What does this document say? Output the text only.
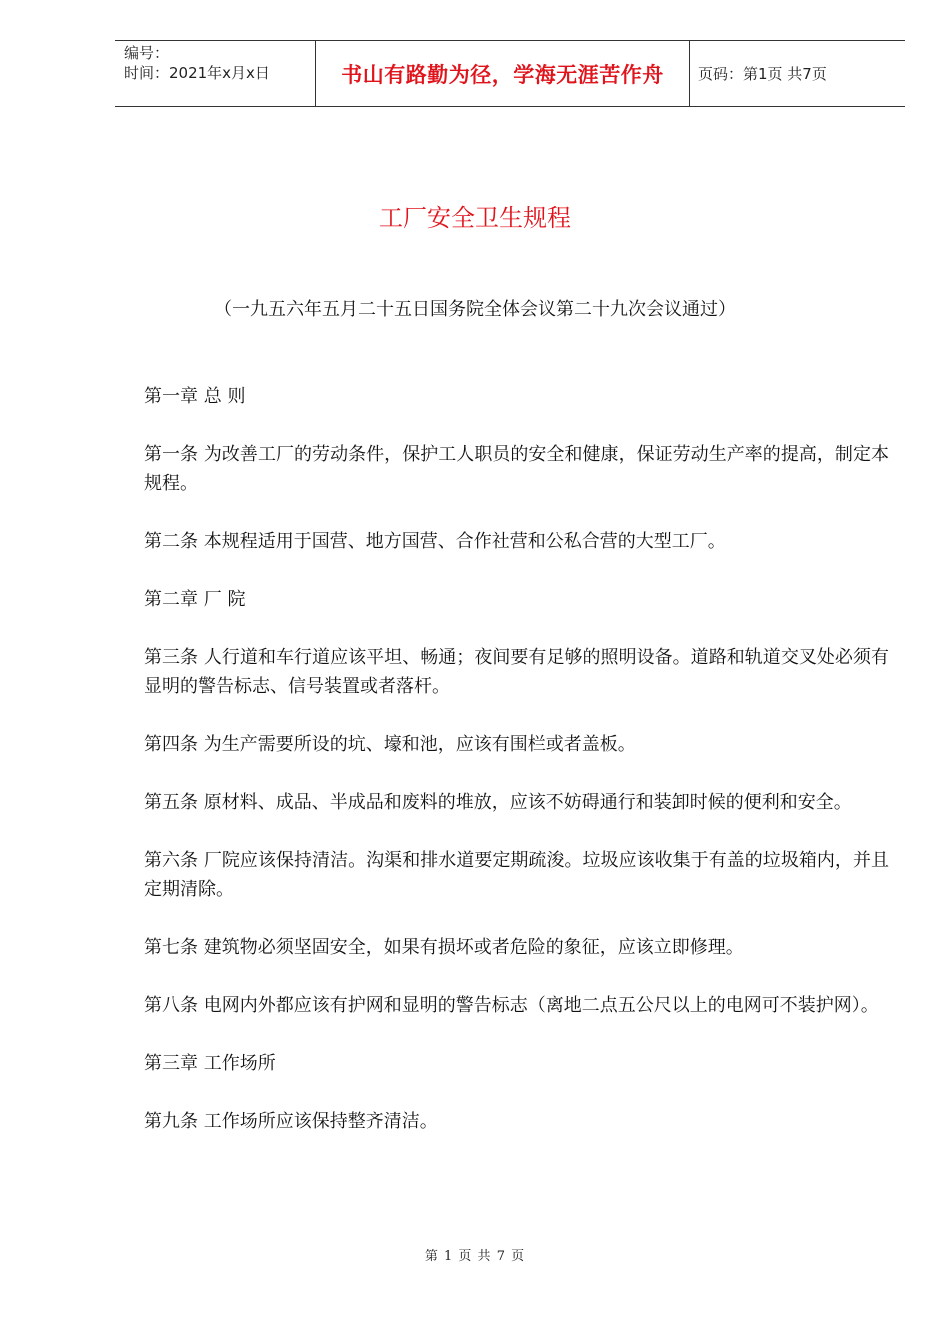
编号：
时间：2021年x月x日	书山有路勤为径，学海无涯苦作舟	页码：第1页 共7页
工厂安全卫生规程
（一九五六年五月二十五日国务院全体会议第二十九次会议通过）

第一章 总 则

第一条 为改善工厂的劳动条件，保护工人职员的安全和健康，保证劳动生产率的提高，制定本规程。

第二条 本规程适用于国营、地方国营、合作社营和公私合营的大型工厂。

第二章 厂 院

第三条 人行道和车行道应该平坦、畅通；夜间要有足够的照明设备。道路和轨道交叉处必须有显明的警告标志、信号装置或者落杆。

第四条 为生产需要所设的坑、壕和池，应该有围栏或者盖板。

第五条 原材料、成品、半成品和废料的堆放，应该不妨碍通行和装卸时候的便利和安全。

第六条 厂院应该保持清洁。沟渠和排水道要定期疏浚。垃圾应该收集于有盖的垃圾箱内，并且定期清除。

第七条 建筑物必须坚固安全，如果有损坏或者危险的象征，应该立即修理。

第八条 电网内外都应该有护网和显明的警告标志（离地二点五公尺以上的电网可不装护网）。

第三章 工作场所

第九条 工作场所应该保持整齐清洁。

第 1 页 共 7 页
